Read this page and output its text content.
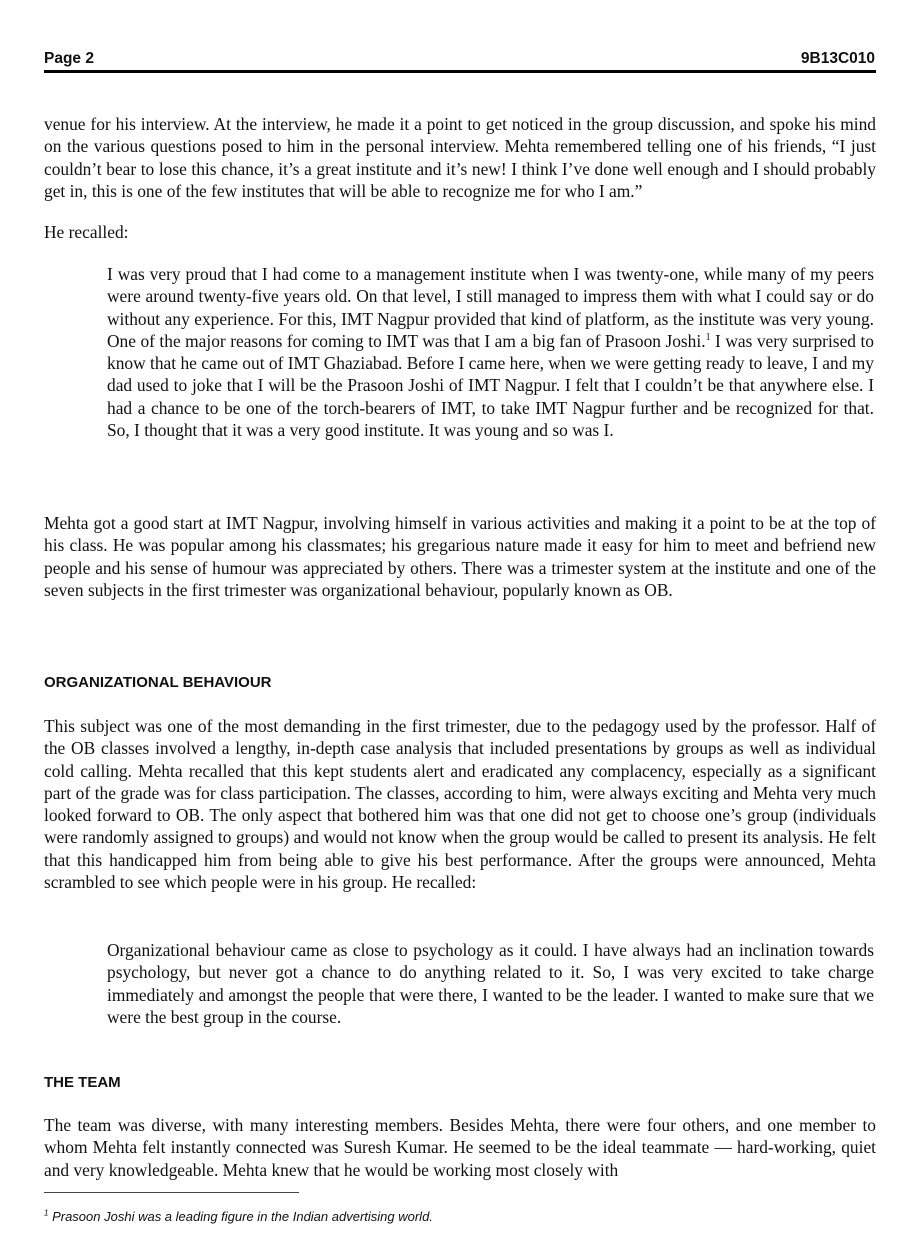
Page 2	9B13C010

venue for his interview. At the interview, he made it a point to get noticed in the group discussion, and spoke his mind on the various questions posed to him in the personal interview. Mehta remembered telling one of his friends, “I just couldn’t bear to lose this chance, it’s a great institute and it’s new! I think I’ve done well enough and I should probably get in, this is one of the few institutes that will be able to recognize me for who I am.”

He recalled:

I was very proud that I had come to a management institute when I was twenty-one, while many of my peers were around twenty-five years old. On that level, I still managed to impress them with what I could say or do without any experience. For this, IMT Nagpur provided that kind of platform, as the institute was very young. One of the major reasons for coming to IMT was that I am a big fan of Prasoon Joshi.$^1$ I was very surprised to know that he came out of IMT Ghaziabad. Before I came here, when we were getting ready to leave, I and my dad used to joke that I will be the Prasoon Joshi of IMT Nagpur. I felt that I couldn’t be that anywhere else. I had a chance to be one of the torch-bearers of IMT, to take IMT Nagpur further and be recognized for that. So, I thought that it was a very good institute. It was young and so was I.

Mehta got a good start at IMT Nagpur, involving himself in various activities and making it a point to be at the top of his class. He was popular among his classmates; his gregarious nature made it easy for him to meet and befriend new people and his sense of humour was appreciated by others. There was a trimester system at the institute and one of the seven subjects in the first trimester was organizational behaviour, popularly known as OB.

ORGANIZATIONAL BEHAVIOUR

This subject was one of the most demanding in the first trimester, due to the pedagogy used by the professor. Half of the OB classes involved a lengthy, in-depth case analysis that included presentations by groups as well as individual cold calling. Mehta recalled that this kept students alert and eradicated any complacency, especially as a significant part of the grade was for class participation. The classes, according to him, were always exciting and Mehta very much looked forward to OB. The only aspect that bothered him was that one did not get to choose one’s group (individuals were randomly assigned to groups) and would not know when the group would be called to present its analysis. He felt that this handicapped him from being able to give his best performance. After the groups were announced, Mehta scrambled to see which people were in his group. He recalled:

Organizational behaviour came as close to psychology as it could. I have always had an inclination towards psychology, but never got a chance to do anything related to it. So, I was very excited to take charge immediately and amongst the people that were there, I wanted to be the leader. I wanted to make sure that we were the best group in the course.

THE TEAM

The team was diverse, with many interesting members. Besides Mehta, there were four others, and one member to whom Mehta felt instantly connected was Suresh Kumar. He seemed to be the ideal teammate — hard-working, quiet and very knowledgeable. Mehta knew that he would be working most closely with

$^1$ Prasoon Joshi was a leading figure in the Indian advertising world.
